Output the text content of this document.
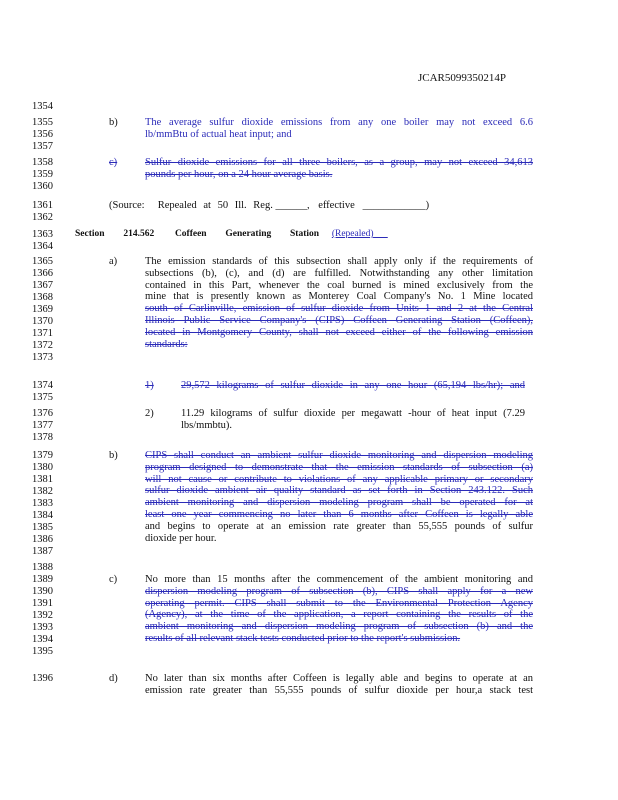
JCAR5099350214P
1354
1355
1356
1357
1358
1359
1360
1361
1362
1363
1364
1365
1366
1367
1368
1369
1370
1371
1372
1373
1374
1375
1376
1377
1378
1379
1380
1381
1382
1383
1384
1385
1386
1387
1388
1389
1390
1391
1392
1393
1394
1395
1396
b)	The average sulfur dioxide emissions from any one boiler may not exceed 6.6
lb/mmBtu of actual heat input; and
c)	Sulfur dioxide emissions for all three boilers, as a group, may not exceed 34,613
pounds per hour, on a 24 hour average basis.
(Source: Repealed at 50 Ill. Reg. ______, effective ____________)
Section 214.562 Coffeen Generating Station (Repealed)
a)	The emission standards of this subsection shall apply only if the requirements of
subsections (b), (c), and (d) are fulfilled. Notwithstanding any other limitation
contained in this Part, whenever the coal burned is mined exclusively from the
mine that is presently known as Monterey Coal Company's No. 1 Mine located
south of Carlinville, emission of sulfur dioxide from Units 1 and 2 at the Central
Illinois Public Service Company's (CIPS) Coffeen Generating Station (Coffeen),
located in Montgomery County, shall not exceed either of the following emission
standards:
1)	29,572 kilograms of sulfur dioxide in any one hour (65,194 lbs/hr); and
2)	11.29 kilograms of sulfur dioxide per megawatt -hour of heat input (7.29
lbs/mmbtu).
b)	CIPS shall conduct an ambient sulfur dioxide monitoring and dispersion modeling
program designed to demonstrate that the emission standards of subsection (a)
will not cause or contribute to violations of any applicable primary or secondary
sulfur dioxide ambient air quality standard as set forth in Section 243.122. Such
ambient monitoring and dispersion modeling program shall be operated for at
least one year commencing no later than 6 months after Coffeen is legally able
and begins to operate at an emission rate greater than 55,555 pounds of sulfur
dioxide per hour.
c)	No more than 15 months after the commencement of the ambient monitoring and
dispersion modeling program of subsection (b), CIPS shall apply for a new
operating permit. CIPS shall submit to the Environmental Protection Agency
(Agency), at the time of the application, a report containing the results of the
ambient monitoring and dispersion modeling program of subsection (b) and the
results of all relevant stack tests conducted prior to the report's submission.
d)	No later than six months after Coffeen is legally able and begins to operate at an
emission rate greater than 55,555 pounds of sulfur dioxide per hour,a stack test
